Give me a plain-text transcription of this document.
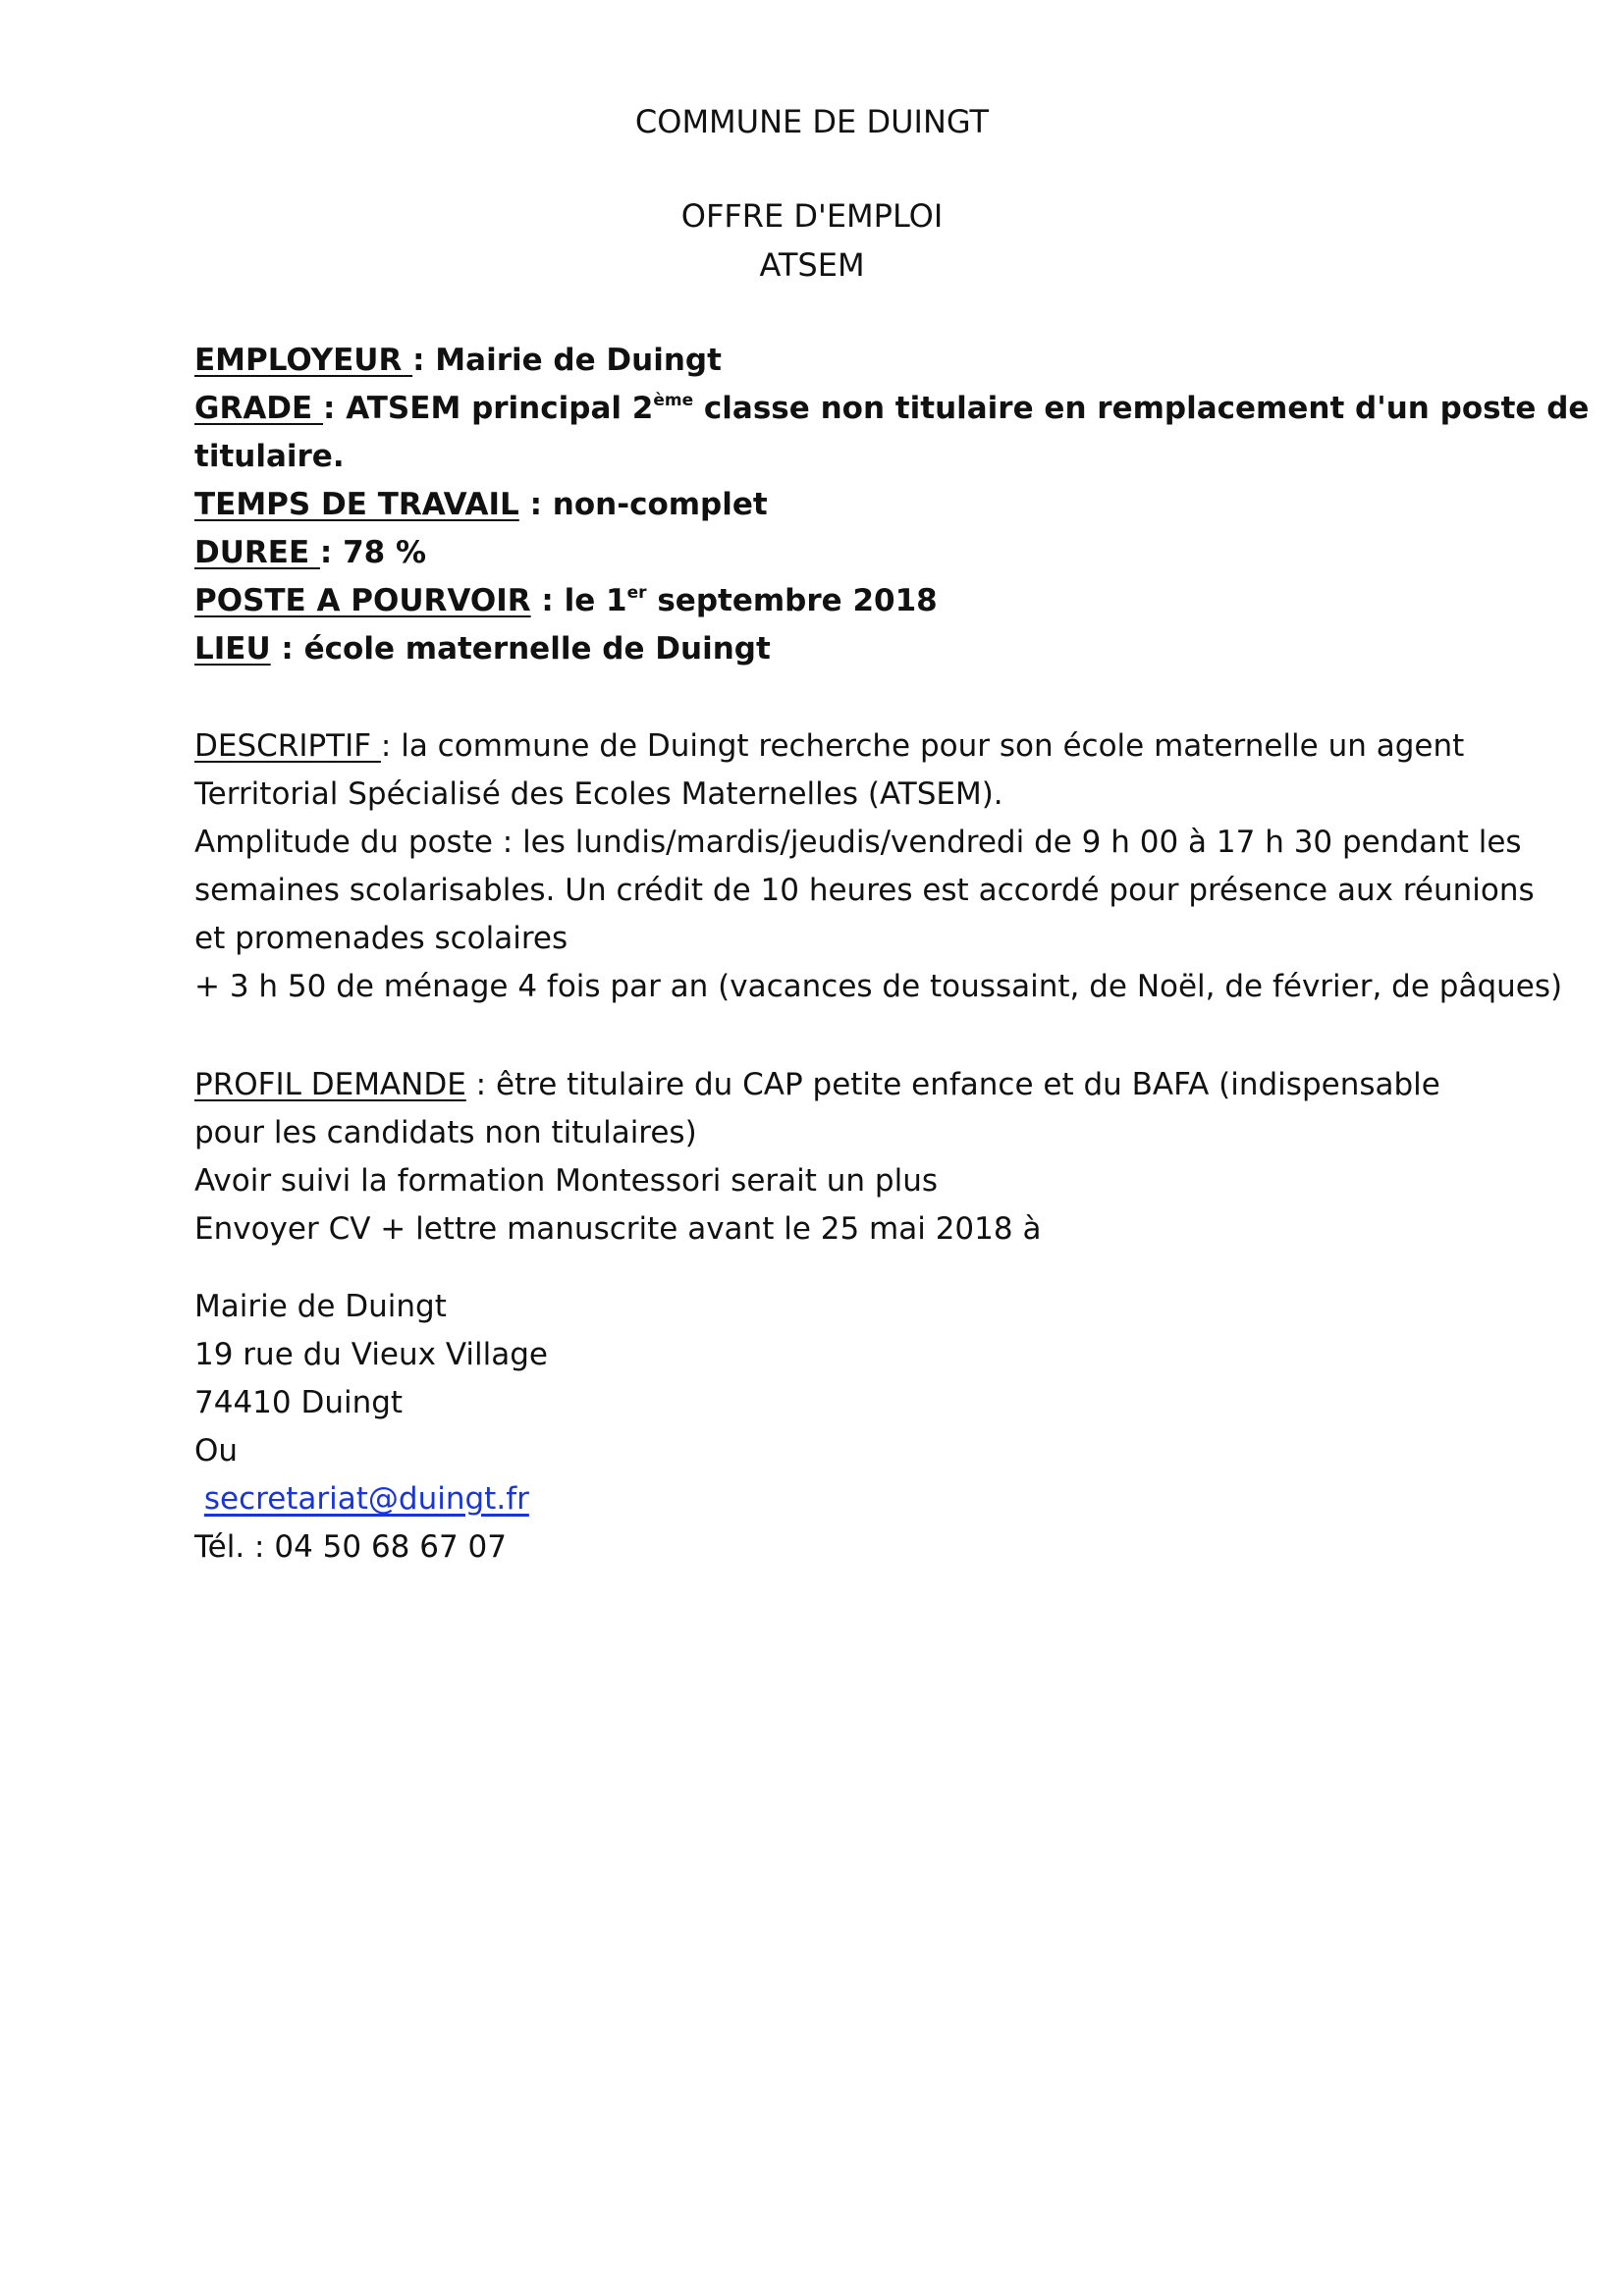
COMMUNE DE DUINGT

OFFRE D'EMPLOI

ATSEM

EMPLOYEUR : Mairie de Duingt

GRADE : ATSEM principal 2ème classe non titulaire en remplacement d'un poste de

titulaire.

TEMPS DE TRAVAIL : non-complet

DUREE : 78 %

POSTE A POURVOIR : le 1er septembre 2018

LIEU : école maternelle de Duingt

DESCRIPTIF : la commune de Duingt recherche pour son école maternelle un agent

Territorial Spécialisé des Ecoles Maternelles (ATSEM).

Amplitude du poste : les lundis/mardis/jeudis/vendredi de 9 h 00 à 17 h 30 pendant les

semaines scolarisables. Un crédit de 10 heures est accordé pour présence aux réunions

et promenades scolaires

+ 3 h 50 de ménage 4 fois par an (vacances de toussaint, de Noël, de février, de pâques)

PROFIL DEMANDE : être titulaire du CAP petite enfance et du BAFA (indispensable

pour les candidats non titulaires)

Avoir suivi la formation Montessori serait un plus

Envoyer CV + lettre manuscrite avant le 25 mai 2018 à

Mairie de Duingt

19 rue du Vieux Village

74410 Duingt

Ou

secretariat@duingt.fr

Tél. : 04 50 68 67 07
